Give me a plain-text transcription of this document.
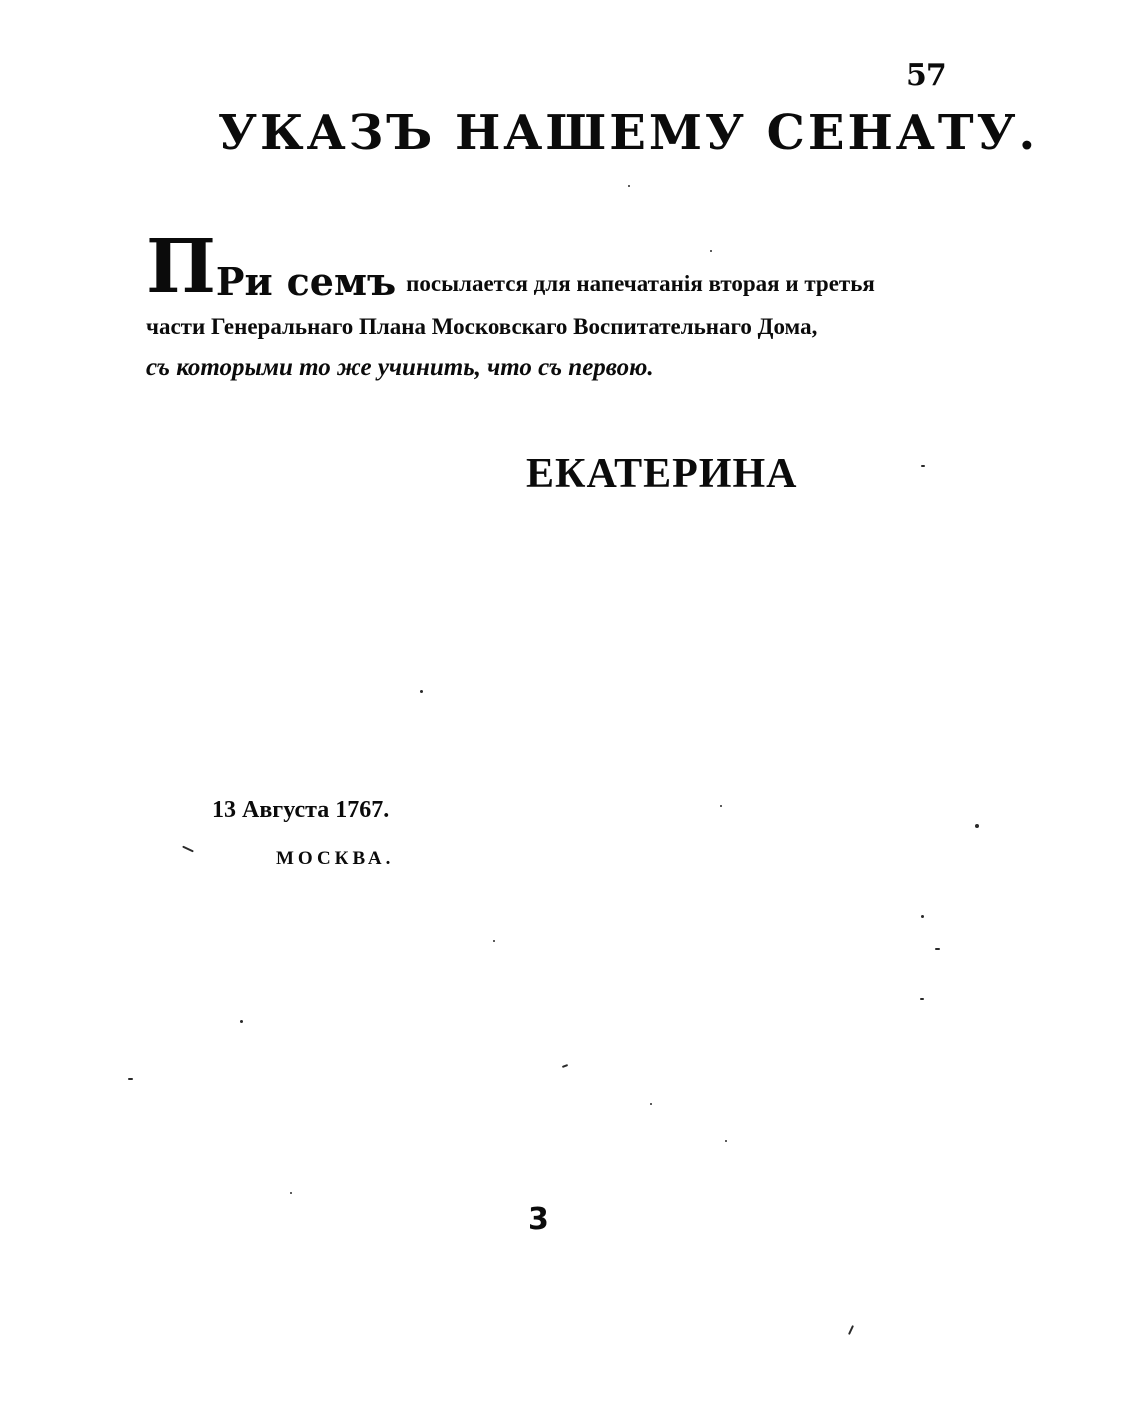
57
УКАЗЪ НАШЕМУ СЕНАТУ.
ПРи семъ посылается для напечатанія вторая и третья
части Генеральнаго Плана Московскаго Воспитательнаго Дома,
съ которыми то же учинить, что съ первою.
ЕКАТЕРИНА
13 Августа 1767.
МОСКВА.
3
